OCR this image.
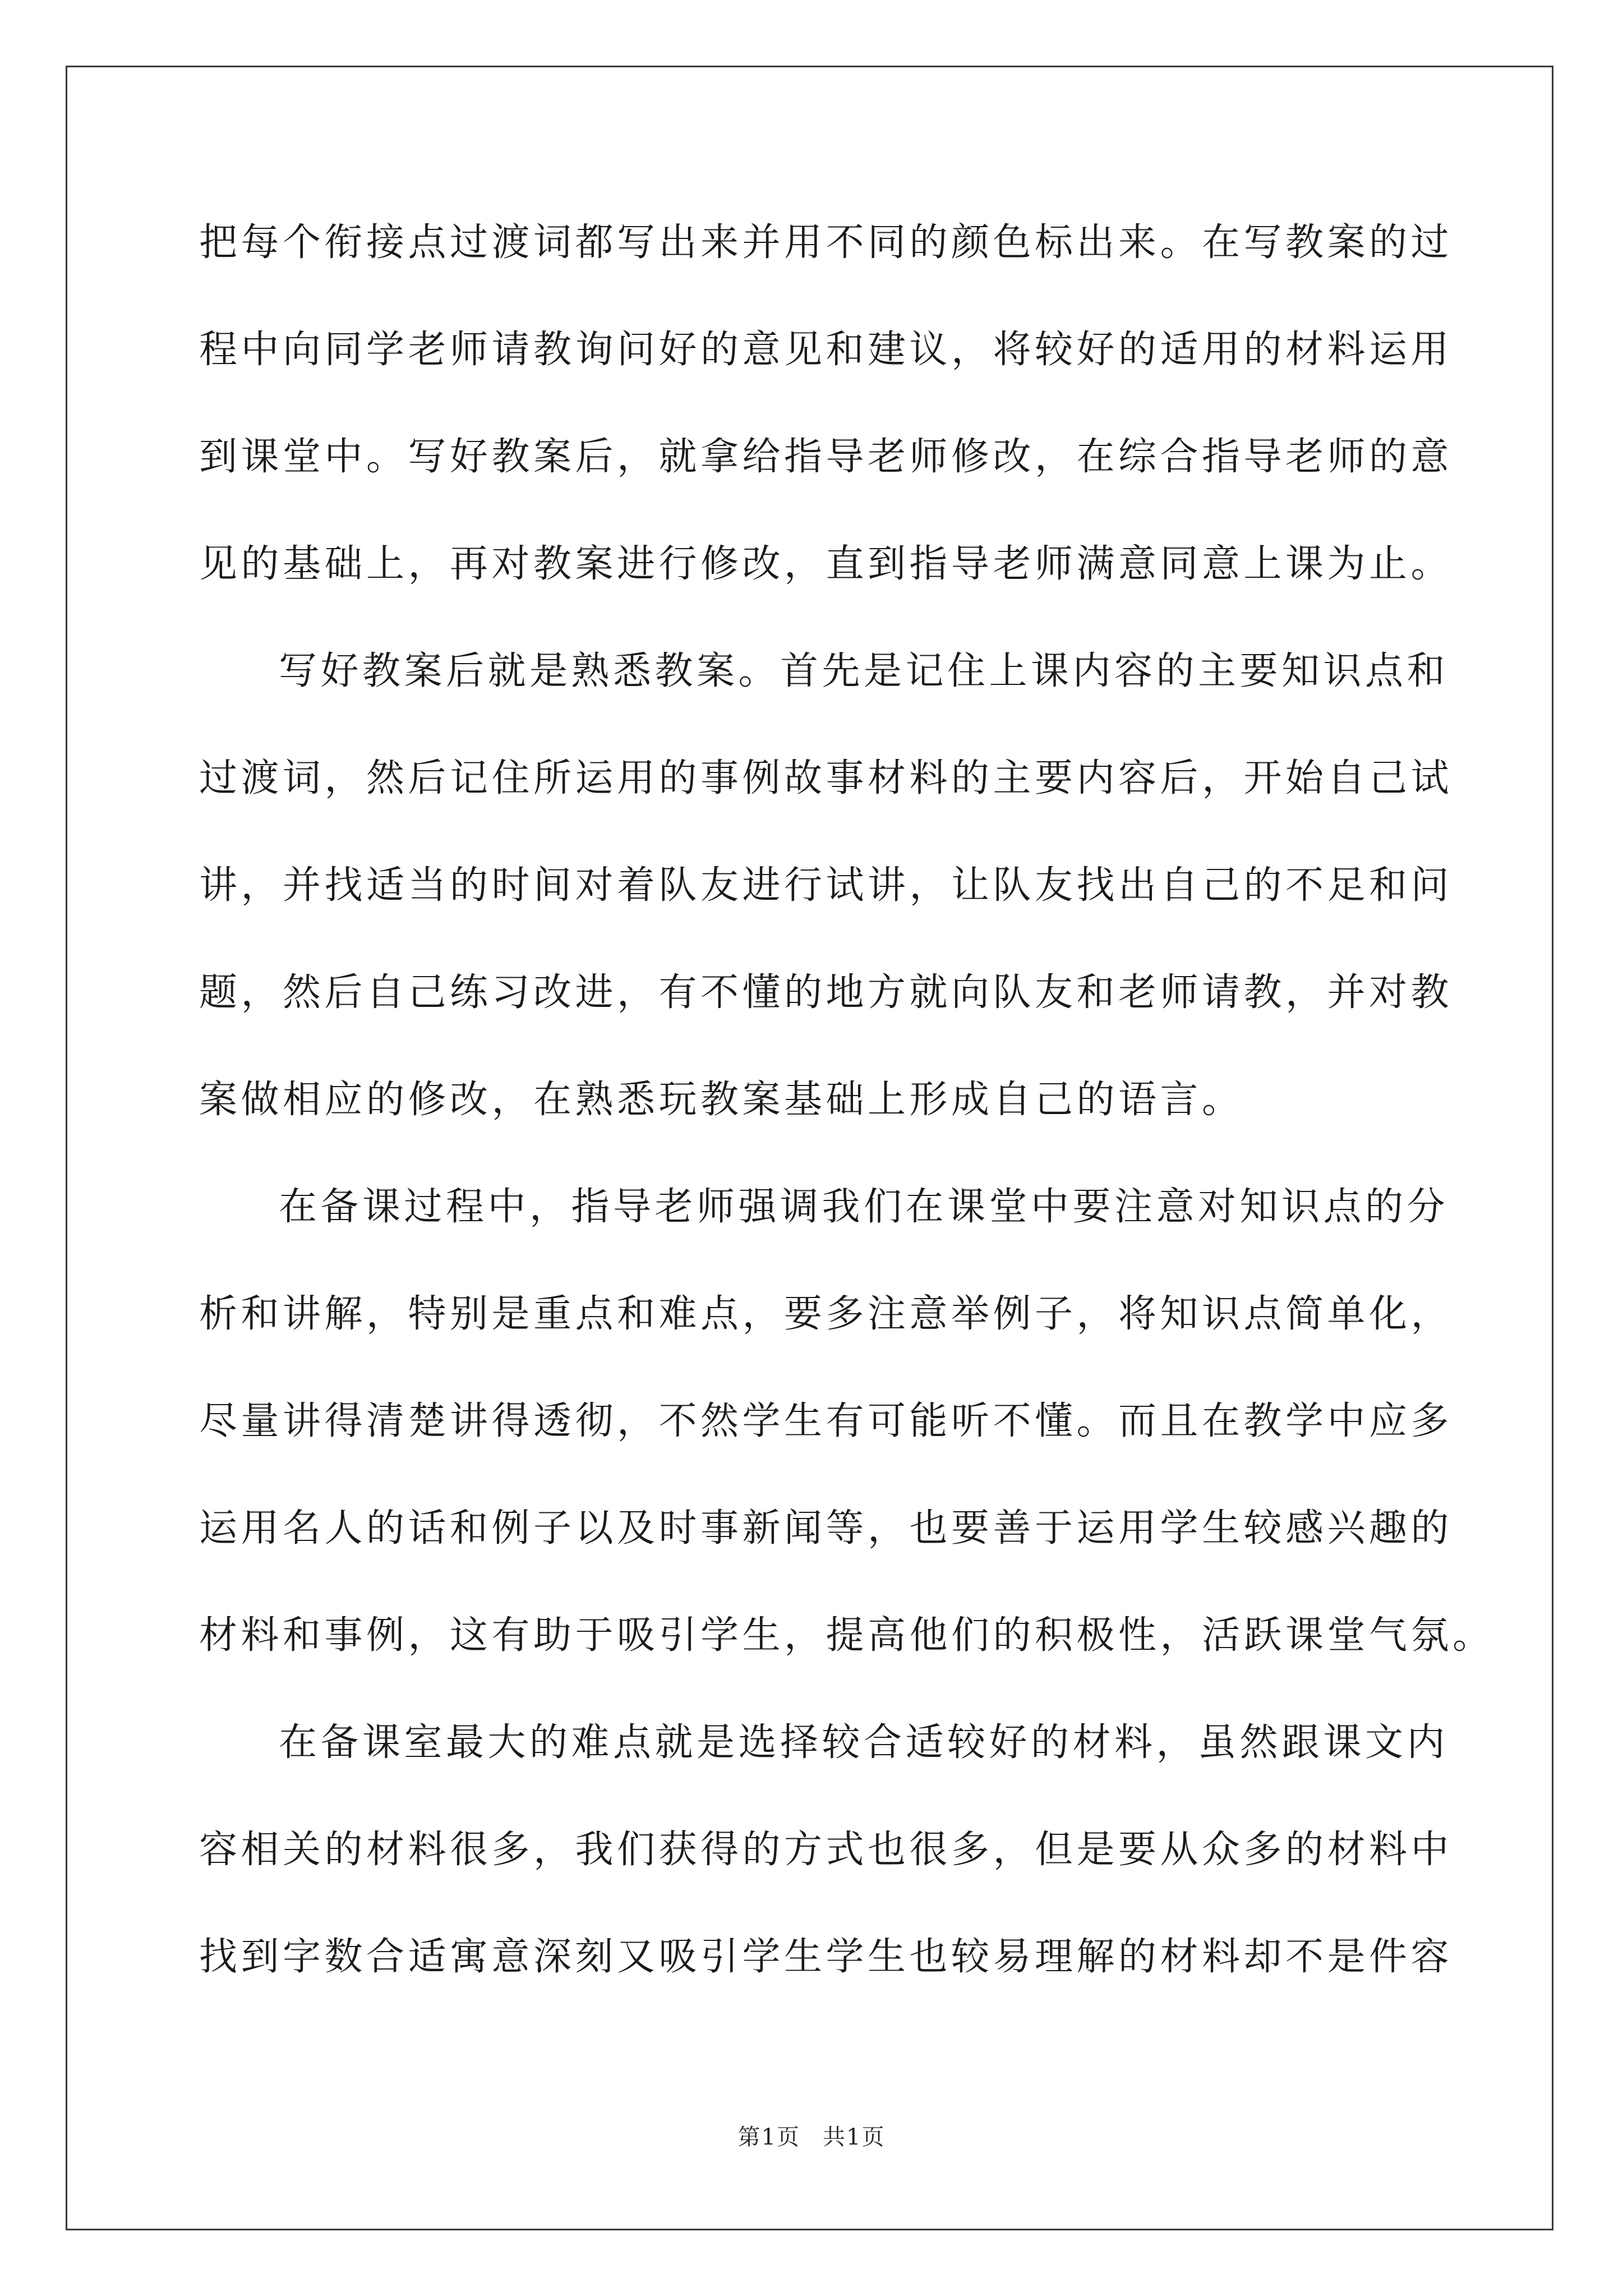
把每个衔接点过渡词都写出来并用不同的颜色标出来。在写教案的过
程中向同学老师请教询问好的意见和建议，将较好的适用的材料运用
到课堂中。写好教案后，就拿给指导老师修改，在综合指导老师的意
见的基础上，再对教案进行修改，直到指导老师满意同意上课为止。
写好教案后就是熟悉教案。首先是记住上课内容的主要知识点和
过渡词，然后记住所运用的事例故事材料的主要内容后，开始自己试
讲，并找适当的时间对着队友进行试讲，让队友找出自己的不足和问
题，然后自己练习改进，有不懂的地方就向队友和老师请教，并对教
案做相应的修改，在熟悉玩教案基础上形成自己的语言。
在备课过程中，指导老师强调我们在课堂中要注意对知识点的分
析和讲解，特别是重点和难点，要多注意举例子，将知识点简单化，
尽量讲得清楚讲得透彻，不然学生有可能听不懂。而且在教学中应多
运用名人的话和例子以及时事新闻等，也要善于运用学生较感兴趣的
材料和事例，这有助于吸引学生，提高他们的积极性，活跃课堂气氛。
在备课室最大的难点就是选择较合适较好的材料，虽然跟课文内
容相关的材料很多，我们获得的方式也很多，但是要从众多的材料中
找到字数合适寓意深刻又吸引学生学生也较易理解的材料却不是件容
第1页 共1页
